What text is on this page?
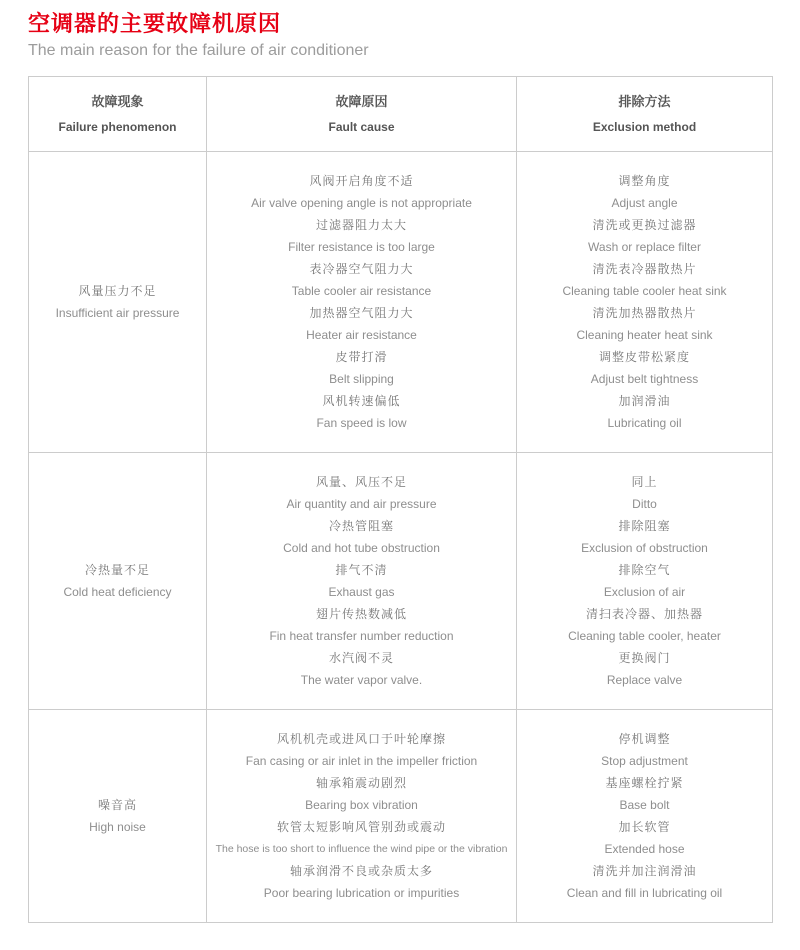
空调器的主要故障机原因
The main reason for the failure of air conditioner
故障现象
Failure phenomenon

故障原因
Fault cause

排除方法
Exclusion method

风量压力不足
Insufficient air pressure

风阀开启角度不适
Air valve opening angle is not appropriate
过滤器阻力太大
Filter resistance is too large
表冷器空气阻力大
Table cooler air resistance
加热器空气阻力大
Heater air resistance
皮带打滑
Belt slipping
风机转速偏低
Fan speed is low

调整角度
Adjust angle
清洗或更换过滤器
Wash or replace filter
清洗表冷器散热片
Cleaning table cooler heat sink
清洗加热器散热片
Cleaning heater heat sink
调整皮带松紧度
Adjust belt tightness
加润滑油
Lubricating oil

冷热量不足
Cold heat deficiency

风量、风压不足
Air quantity and air pressure
冷热管阻塞
Cold and hot tube obstruction
排气不清
Exhaust gas
翅片传热数减低
Fin heat transfer number reduction
水汽阀不灵
The water vapor valve.

同上
Ditto
排除阻塞
Exclusion of obstruction
排除空气
Exclusion of air
清扫表冷器、加热器
Cleaning table cooler, heater
更换阀门
Replace valve

噪音高
High noise

风机机壳或进风口于叶轮摩擦
Fan casing or air inlet in the impeller friction
轴承箱震动剧烈
Bearing box vibration
软管太短影响风管别劲或震动
The hose is too short to influence the wind pipe or the vibration
轴承润滑不良或杂质太多
Poor bearing lubrication or impurities

停机调整
Stop adjustment
基座螺栓拧紧
Base bolt
加长软管
Extended hose
清洗并加注润滑油
Clean and fill in lubricating oil
